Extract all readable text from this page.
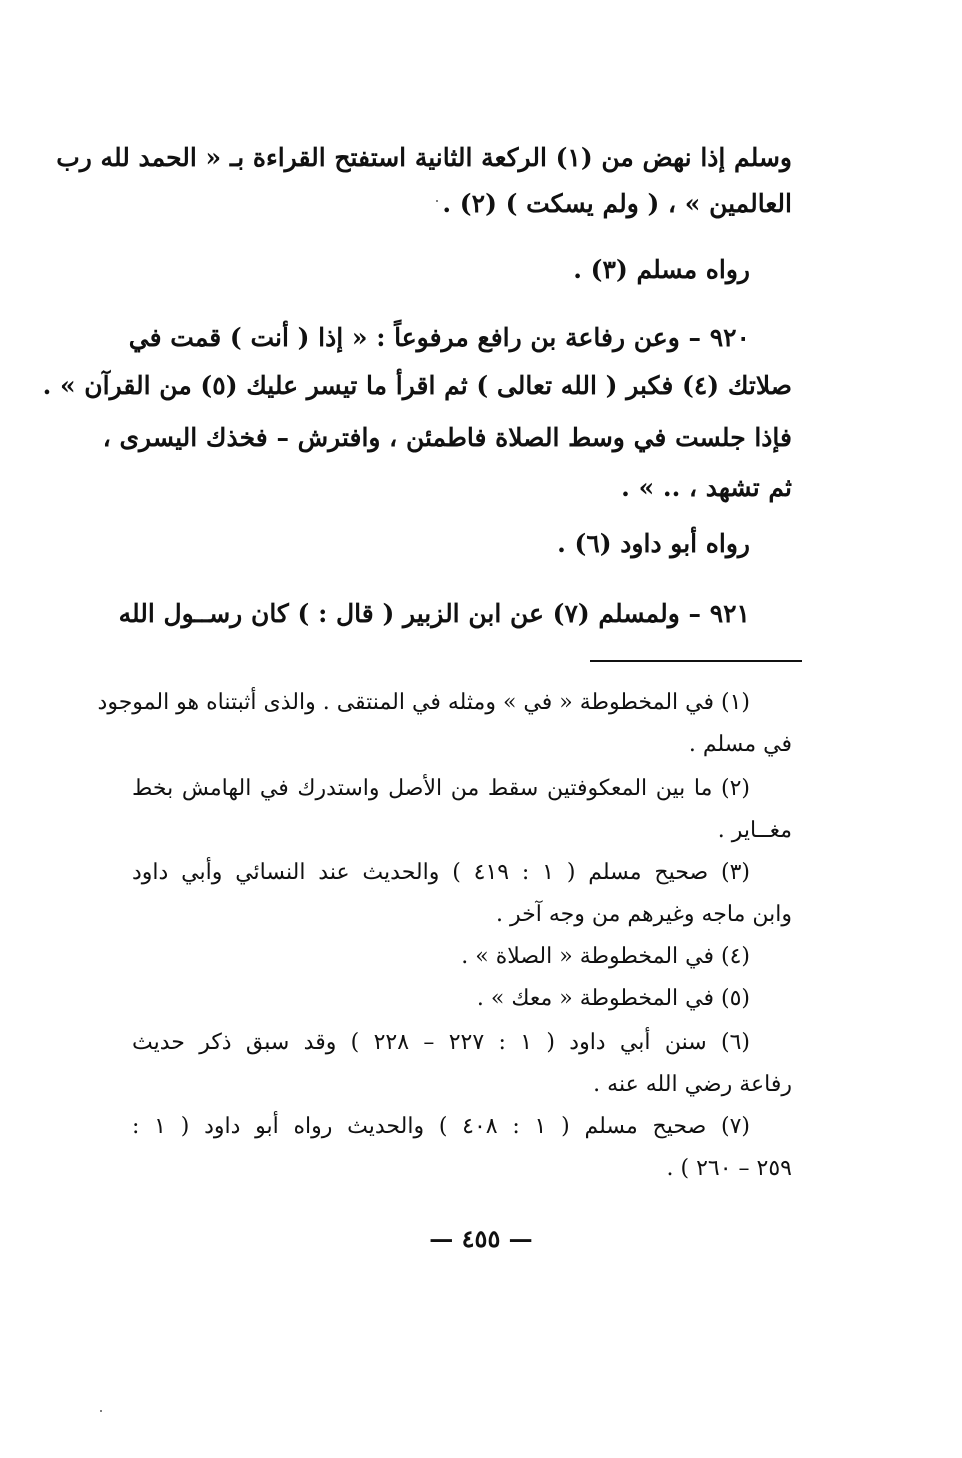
وسلم إذا نهض من (١) الركعة الثانية استفتح القراءة بـ « الحمد لله رب
العالمين » ، ( ولم يسكت ) (٢) .
رواه مسلم (٣) .
٩٢٠ – وعن رفاعة بن رافع مرفوعاً : « إذا ( أنت ) قمت في
صلاتك (٤) فكبر ( الله تعالى ) ثم اقرأ ما تيسر عليك (٥) من القرآن » .
فإذا جلست في وسط الصلاة فاطمئن ، وافترش – فخذك اليسرى ،
ثم تشهد ، .. » .
رواه أبو داود (٦) .
٩٢١ – ولمسلم (٧) عن ابن الزبير ( قال : ) كان رســول الله
(١) في المخطوطة « في » ومثله في المنتقى . والذى أثبتناه هو الموجود
في مسلم .
(٢) ما بين المعكوفتين سقط من الأصل واستدرك في الهامش بخط
مغــاير .
(٣) صحيح مسلم ( ١ : ٤١٩ ) والحديث عند النسائي وأبي داود
وابن ماجه وغيرهم من وجه آخر .
(٤) في المخطوطة « الصلاة » .
(٥) في المخطوطة « معك » .
(٦) سنن أبي داود ( ١ : ٢٢٧ – ٢٢٨ ) وقد سبق ذكر حديث
رفاعة رضي الله عنه .
(٧) صحيح مسلم ( ١ : ٤٠٨ ) والحديث رواه أبو داود ( ١ :
٢٥٩ – ٢٦٠ ) .
— ٤٥٥ —
